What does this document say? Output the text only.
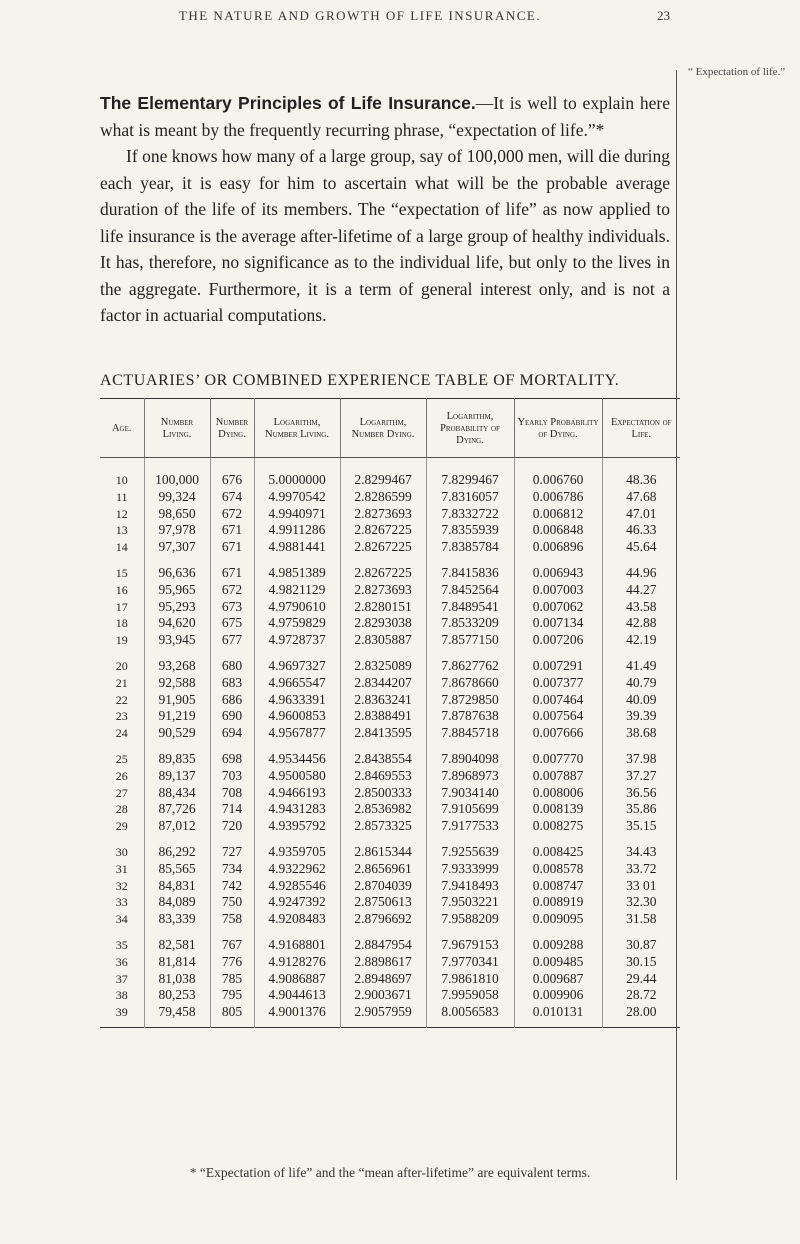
THE NATURE AND GROWTH OF LIFE INSURANCE.	23
“ Expectation of life.”

The Elementary Principles of Life Insurance.—It is well to explain here what is meant by the frequently recurring phrase, “expectation of life.”*

If one knows how many of a large group, say of 100,000 men, will die during each year, it is easy for him to ascertain what will be the probable average duration of the life of its members. The “expectation of life” as now applied to life insurance is the average after-lifetime of a large group of healthy individuals. It has, therefore, no significance as to the individual life, but only to the lives in the aggregate. Furthermore, it is a term of general interest only, and is not a factor in actuarial computations.

ACTUARIES’ OR COMBINED EXPERIENCE TABLE OF MORTALITY.
Age.	Number Living.	Number Dying.	Logarithm, Number Living.	Logarithm, Number Dying.	Logarithm, Probability of Dying.	Yearly Probability of Dying.	Expectation of Life.
10	100,000	676	5.0000000	2.8299467	7.8299467	0.006760	48.36
11	99,324	674	4.9970542	2.8286599	7.8316057	0.006786	47.68
12	98,650	672	4.9940971	2.8273693	7.8332722	0.006812	47.01
13	97,978	671	4.9911286	2.8267225	7.8355939	0.006848	46.33
14	97,307	671	4.9881441	2.8267225	7.8385784	0.006896	45.64
15	96,636	671	4.9851389	2.8267225	7.8415836	0.006943	44.96
16	95,965	672	4.9821129	2.8273693	7.8452564	0.007003	44.27
17	95,293	673	4.9790610	2.8280151	7.8489541	0.007062	43.58
18	94,620	675	4.9759829	2.8293038	7.8533209	0.007134	42.88
19	93,945	677	4.9728737	2.8305887	7.8577150	0.007206	42.19
20	93,268	680	4.9697327	2.8325089	7.8627762	0.007291	41.49
21	92,588	683	4.9665547	2.8344207	7.8678660	0.007377	40.79
22	91,905	686	4.9633391	2.8363241	7.8729850	0.007464	40.09
23	91,219	690	4.9600853	2.8388491	7.8787638	0.007564	39.39
24	90,529	694	4.9567877	2.8413595	7.8845718	0.007666	38.68
25	89,835	698	4.9534456	2.8438554	7.8904098	0.007770	37.98
26	89,137	703	4.9500580	2.8469553	7.8968973	0.007887	37.27
27	88,434	708	4.9466193	2.8500333	7.9034140	0.008006	36.56
28	87,726	714	4.9431283	2.8536982	7.9105699	0.008139	35.86
29	87,012	720	4.9395792	2.8573325	7.9177533	0.008275	35.15
30	86,292	727	4.9359705	2.8615344	7.9255639	0.008425	34.43
31	85,565	734	4.9322962	2.8656961	7.9333999	0.008578	33.72
32	84,831	742	4.9285546	2.8704039	7.9418493	0.008747	33 01
33	84,089	750	4.9247392	2.8750613	7.9503221	0.008919	32.30
34	83,339	758	4.9208483	2.8796692	7.9588209	0.009095	31.58
35	82,581	767	4.9168801	2.8847954	7.9679153	0.009288	30.87
36	81,814	776	4.9128276	2.8898617	7.9770341	0.009485	30.15
37	81,038	785	4.9086887	2.8948697	7.9861810	0.009687	29.44
38	80,253	795	4.9044613	2.9003671	7.9959058	0.009906	28.72
39	79,458	805	4.9001376	2.9057959	8.0056583	0.010131	28.00
* “Expectation of life” and the “mean after-lifetime” are equivalent terms.
